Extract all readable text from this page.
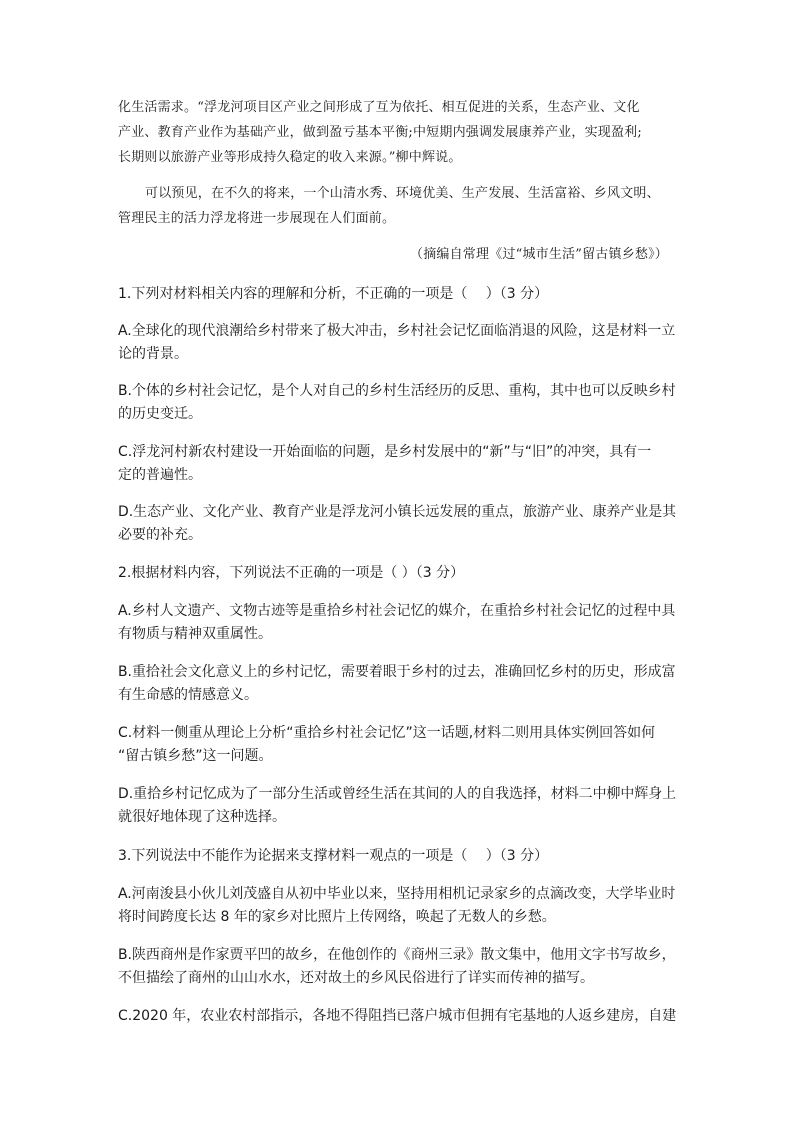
化生活需求。“浮龙河项目区产业之间形成了互为依托、相互促进的关系，生态产业、文化
产业、教育产业作为基础产业，做到盈亏基本平衡;中短期内强调发展康养产业，实现盈利;
长期则以旅游产业等形成持久稳定的收入来源。”柳中辉说。
可以预见，在不久的将来，一个山清水秀、环境优美、生产发展、生活富裕、乡风文明、
管理民主的活力浮龙将进一步展现在人们面前。
（摘编自常理《过“城市生活”留古镇乡愁》）
1.下列对材料相关内容的理解和分析，不正确的一项是（　 ）（3 分）
A.全球化的现代浪潮给乡村带来了极大冲击，乡村社会记忆面临消退的风险，这是材料一立
论的背景。
B.个体的乡村社会记忆，是个人对自己的乡村生活经历的反思、重构，其中也可以反映乡村
的历史变迁。
C.浮龙河村新农村建设一开始面临的问题，是乡村发展中的“新”与“旧”的冲突，具有一
定的普遍性。
D.生态产业、文化产业、教育产业是浮龙河小镇长远发展的重点，旅游产业、康养产业是其
必要的补充。
2.根据材料内容，下列说法不正确的一项是（ ）（3 分）
A.乡村人文遗产、文物古迹等是重拾乡村社会记忆的媒介，在重拾乡村社会记忆的过程中具
有物质与精神双重属性。
B.重拾社会文化意义上的乡村记忆，需要着眼于乡村的过去，准确回忆乡村的历史，形成富
有生命感的情感意义。
C.材料一侧重从理论上分析“重拾乡村社会记忆”这一话题,材料二则用具体实例回答如何
“留古镇乡愁”这一问题。
D.重拾乡村记忆成为了一部分生活或曾经生活在其间的人的自我选择，材料二中柳中辉身上
就很好地体现了这种选择。
3.下列说法中不能作为论据来支撑材料一观点的一项是（　 ）（3 分）
A.河南浚县小伙儿刘茂盛自从初中毕业以来，坚持用相机记录家乡的点滴改变，大学毕业时
将时间跨度长达 8 年的家乡对比照片上传网络，唤起了无数人的乡愁。
B.陕西商州是作家贾平凹的故乡，在他创作的《商州三录》散文集中，他用文字书写故乡，
不但描绘了商州的山山水水，还对故土的乡风民俗进行了详实而传神的描写。
C.2020 年，农业农村部指示，各地不得阻挡已落户城市但拥有宅基地的人返乡建房，自建
